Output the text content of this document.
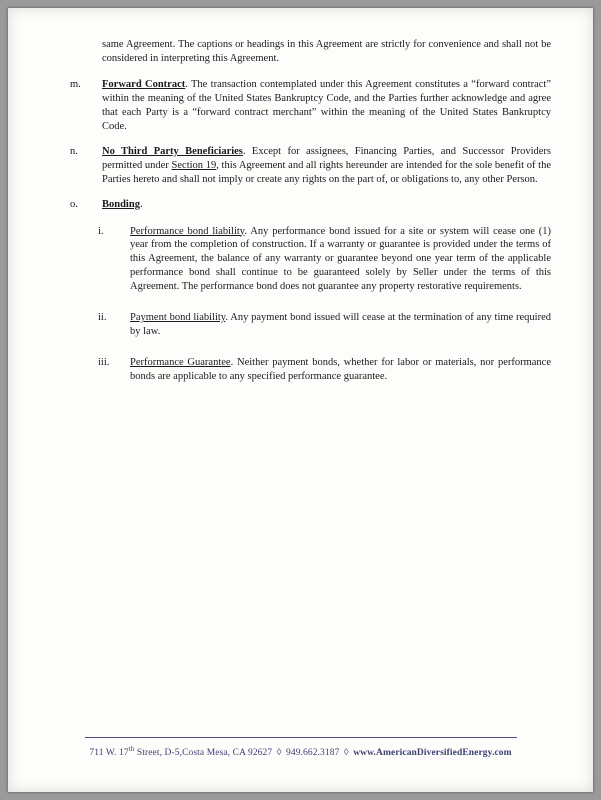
same Agreement. The captions or headings in this Agreement are strictly for convenience and shall not be considered in interpreting this Agreement.

m.	Forward Contract. The transaction contemplated under this Agreement constitutes a “forward contract” within the meaning of the United States Bankruptcy Code, and the Parties further acknowledge and agree that each Party is a “forward contract merchant” within the meaning of the United States Bankruptcy Code.
n.	No Third Party Beneficiaries. Except for assignees, Financing Parties, and Successor Providers permitted under Section 19, this Agreement and all rights hereunder are intended for the sole benefit of the Parties hereto and shall not imply or create any rights on the part of, or obligations to, any other Person.
o.	Bonding.
i.	Performance bond liability. Any performance bond issued for a site or system will cease one (1) year from the completion of construction. If a warranty or guarantee is provided under the terms of this Agreement, the balance of any warranty or guarantee beyond one year term of the applicable performance bond shall continue to be guaranteed solely by Seller under the terms of this Agreement. The performance bond does not guarantee any property restorative requirements.
ii.	Payment bond liability. Any payment bond issued will cease at the termination of any time required by law.
iii.	Performance Guarantee. Neither payment bonds, whether for labor or materials, nor performance bonds are applicable to any specified performance guarantee.
711 W. 17th Street, D-5,Costa Mesa, CA 92627 ◊ 949.662.3187 ◊ www.AmericanDiversifiedEnergy.com
